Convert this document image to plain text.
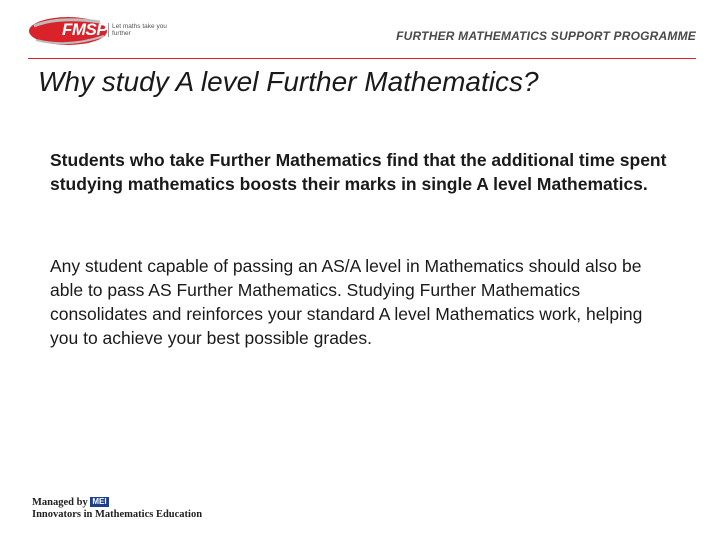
FMSP Let maths take you further	FURTHER MATHEMATICS SUPPORT PROGRAMME
Why study A level Further Mathematics?

Students who take Further Mathematics find that the additional time spent studying mathematics boosts their marks in single A level Mathematics.

Any student capable of passing an AS/A level in Mathematics should also be able to pass AS Further Mathematics. Studying Further Mathematics consolidates and reinforces your standard A level Mathematics work, helping you to achieve your best possible grades.

Managed by MEI
Innovators in Mathematics Education
